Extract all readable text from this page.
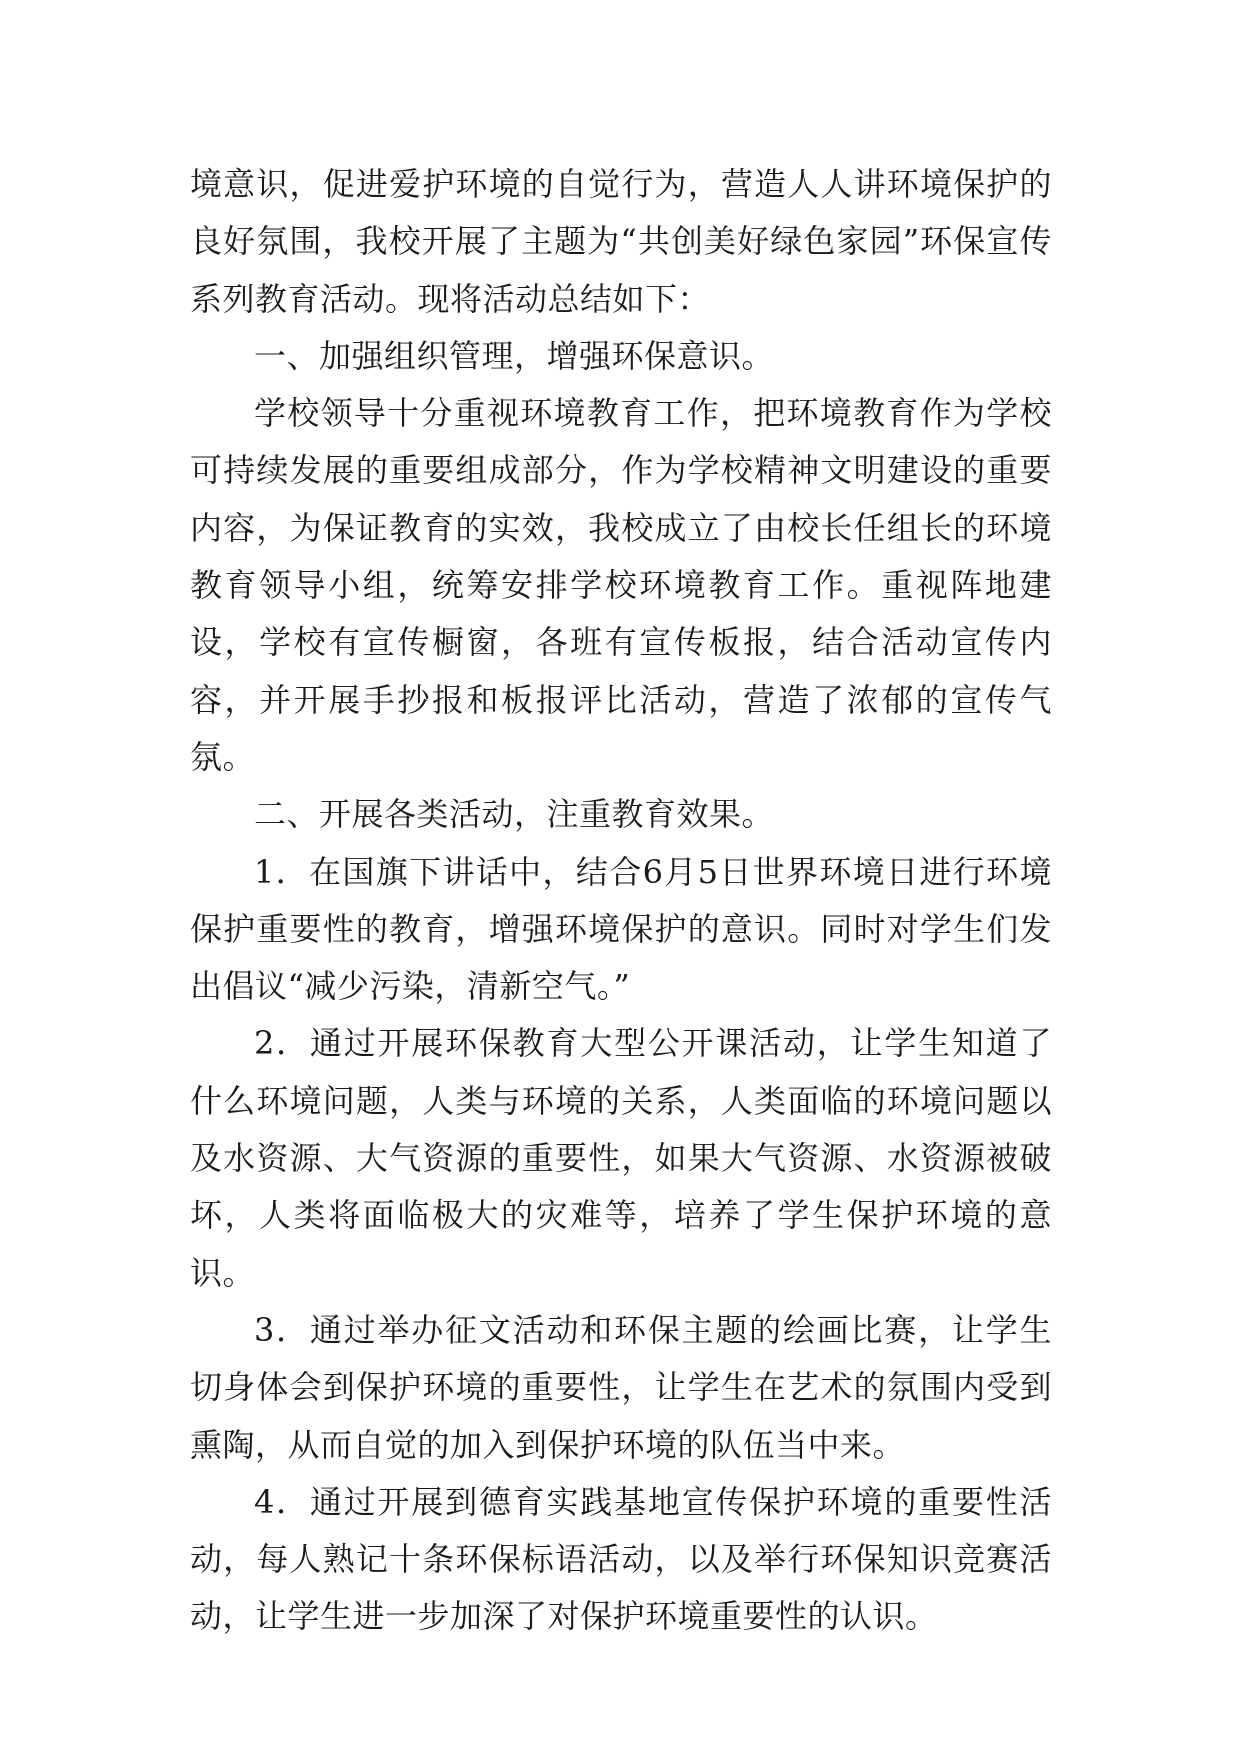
境意识，促进爱护环境的自觉行为，营造人人讲环境保护的良好氛围，我校开展了主题为“共创美好绿色家园”环保宣传系列教育活动。现将活动总结如下：

一、加强组织管理，增强环保意识。

学校领导十分重视环境教育工作，把环境教育作为学校可持续发展的重要组成部分，作为学校精神文明建设的重要内容，为保证教育的实效，我校成立了由校长任组长的环境教育领导小组，统筹安排学校环境教育工作。重视阵地建设，学校有宣传橱窗，各班有宣传板报，结合活动宣传内容，并开展手抄报和板报评比活动，营造了浓郁的宣传气氛。

二、开展各类活动，注重教育效果。

1．在国旗下讲话中，结合6月5日世界环境日进行环境保护重要性的教育，增强环境保护的意识。同时对学生们发出倡议“减少污染，清新空气。”

2．通过开展环保教育大型公开课活动，让学生知道了什么环境问题，人类与环境的关系，人类面临的环境问题以及水资源、大气资源的重要性，如果大气资源、水资源被破坏，人类将面临极大的灾难等，培养了学生保护环境的意识。

3．通过举办征文活动和环保主题的绘画比赛，让学生切身体会到保护环境的重要性，让学生在艺术的氛围内受到熏陶，从而自觉的加入到保护环境的队伍当中来。

4．通过开展到德育实践基地宣传保护环境的重要性活动，每人熟记十条环保标语活动，以及举行环保知识竞赛活动，让学生进一步加深了对保护环境重要性的认识。
